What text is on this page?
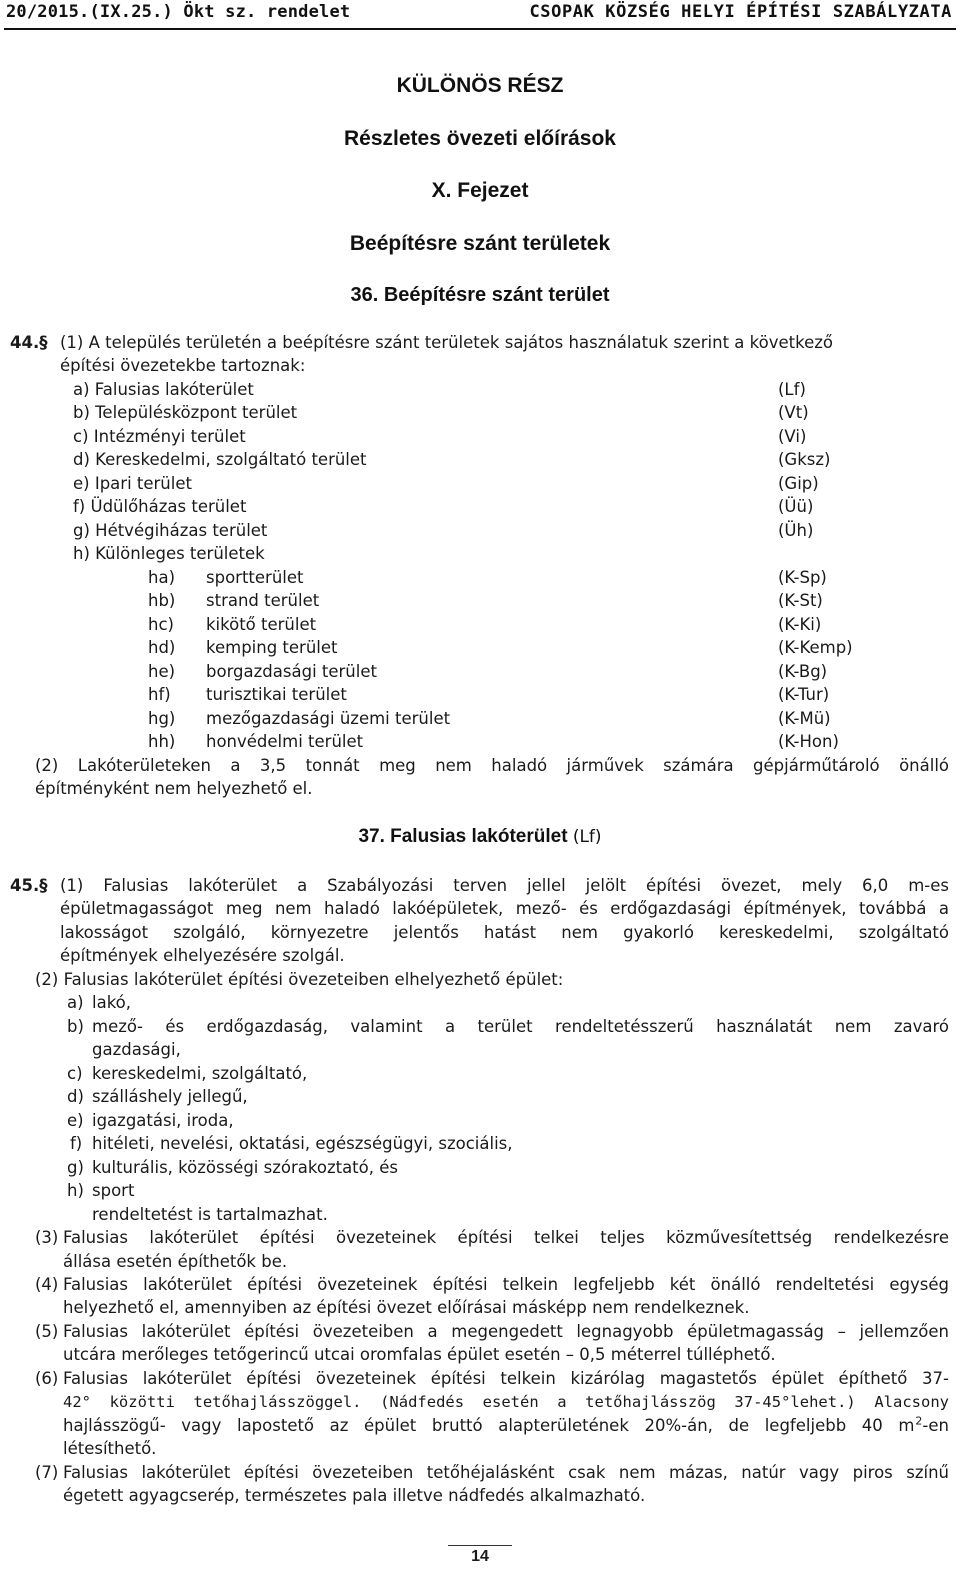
20/2015.(IX.25.) Ökt sz. rendelet	CSOPAK KÖZSÉG HELYI ÉPÍTÉSI SZABÁLYZATA
KÜLÖNÖS RÉSZ
Részletes övezeti előírások
X. Fejezet
Beépítésre szánt területek
36. Beépítésre szánt terület
44.§ (1) A település területén a beépítésre szánt területek sajátos használatuk szerint a következő
építési övezetekbe tartoznak:
a) Falusias lakóterület	(Lf)
b) Településközpont terület	(Vt)
c) Intézményi terület	(Vi)
d) Kereskedelmi, szolgáltató terület	(Gksz)
e) Ipari terület	(Gip)
f) Üdülőházas terület	(Üü)
g) Hétvégiházas terület	(Üh)
h) Különleges területek
ha) sportterület	(K-Sp)
hb) strand terület	(K-St)
hc) kikötő terület	(K-Ki)
hd) kemping terület	(K-Kemp)
he) borgazdasági terület	(K-Bg)
hf) turisztikai terület	(K-Tur)
hg) mezőgazdasági üzemi terület	(K-Mü)
hh) honvédelmi terület	(K-Hon)
(2) Lakóterületeken a 3,5 tonnát meg nem haladó járművek számára gépjárműtároló önálló
építményként nem helyezhető el.
37. Falusias lakóterület (Lf)
45.§ (1) Falusias lakóterület a Szabályozási terven jellel jelölt építési övezet, mely 6,0 m-es
épületmagasságot meg nem haladó lakóépületek, mező- és erdőgazdasági építmények, továbbá a
lakosságot szolgáló, környezetre jelentős hatást nem gyakorló kereskedelmi, szolgáltató
építmények elhelyezésére szolgál.
(2) Falusias lakóterület építési övezeteiben elhelyezhető épület:
a) lakó,
b) mező- és erdőgazdaság, valamint a terület rendeltetésszerű használatát nem zavaró
gazdasági,
c) kereskedelmi, szolgáltató,
d) szálláshely jellegű,
e) igazgatási, iroda,
f) hitéleti, nevelési, oktatási, egészségügyi, szociális,
g) kulturális, közösségi szórakoztató, és
h) sport
rendeltetést is tartalmazhat.
(3) Falusias lakóterület építési övezeteinek építési telkei teljes közművesítettség rendelkezésre
állása esetén építhetők be.
(4) Falusias lakóterület építési övezeteinek építési telkein legfeljebb két önálló rendeltetési egység
helyezhető el, amennyiben az építési övezet előírásai másképp nem rendelkeznek.
(5) Falusias lakóterület építési övezeteiben a megengedett legnagyobb épületmagasság – jellemzően
utcára merőleges tetőgerincű utcai oromfalas épület esetén – 0,5 méterrel túlléphető.
(6) Falusias lakóterület építési övezeteinek építési telkein kizárólag magastetős épület építhető 37-
42° közötti tetőhajlásszöggel. (Nádfedés esetén a tetőhajlásszög 37-45°lehet.) Alacsony
hajlásszögű- vagy lapostető az épület bruttó alapterületének 20%-án, de legfeljebb 40 m $^2$-en
létesíthető.
(7) Falusias lakóterület építési övezeteiben tetőhéjalásként csak nem mázas, natúr vagy piros színű
égetett agyagcserép, természetes pala illetve nádfedés alkalmazható.
14
